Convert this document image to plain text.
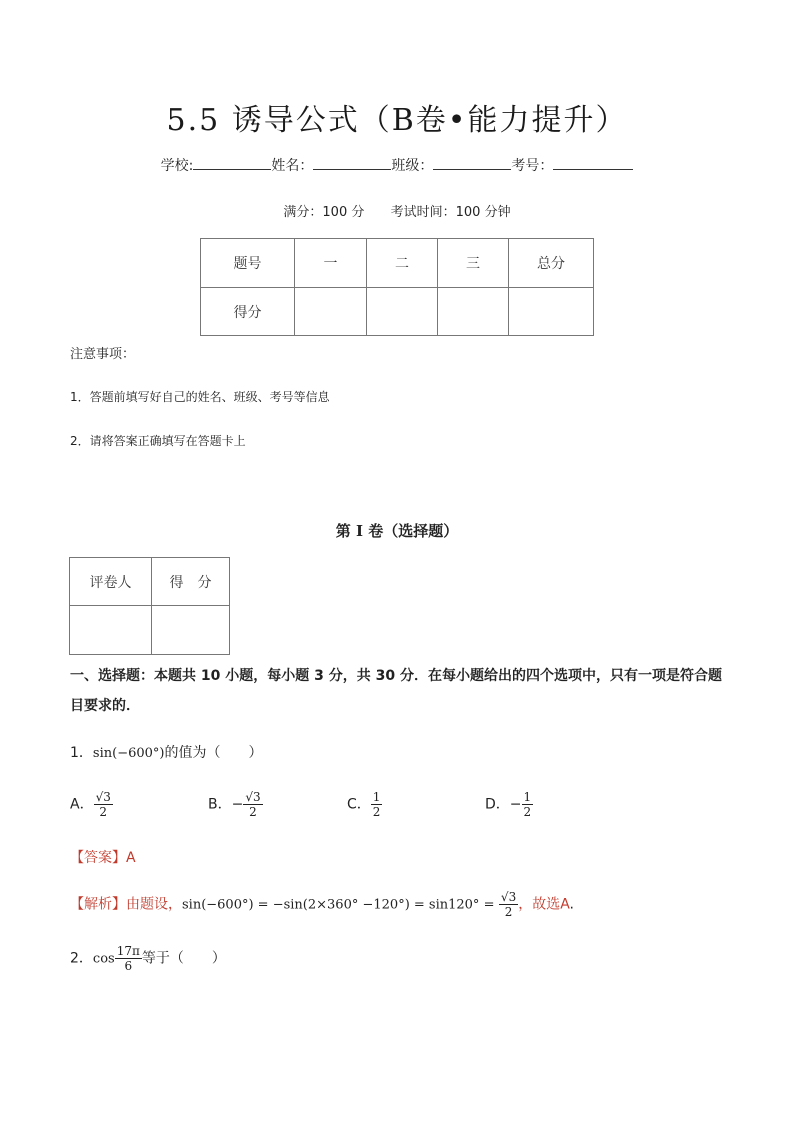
5.5 诱导公式（B卷•能力提升）
学校:	姓名：	班级：	考号：
满分：100 分 考试时间：100 分钟
题号	一	二	三	总分
得分				
注意事项：
1．答题前填写好自己的姓名、班级、考号等信息
2．请将答案正确填写在答题卡上
第 I 卷（选择题）
评卷人	得　分

一、选择题：本题共 10 小题，每小题 3 分，共 30 分．在每小题给出的四个选项中，只有一项是符合题目要求的．
1．sin(−600°)的值为（　　）
A． $\frac{√3}{2}$	B．− $\frac{√3}{2}$	C． $\frac{1}{2}$	D．− $\frac{1}{2}$
【答案】A
【解析】由题设，$\sin(-600^\circ) = -\sin(2\times 360^\circ -120^\circ) = \sin 120^\circ = \frac{√3}{2}$ ，故选A.
2．$\cos \frac{17\pi}{6}$ 等于（　　）
